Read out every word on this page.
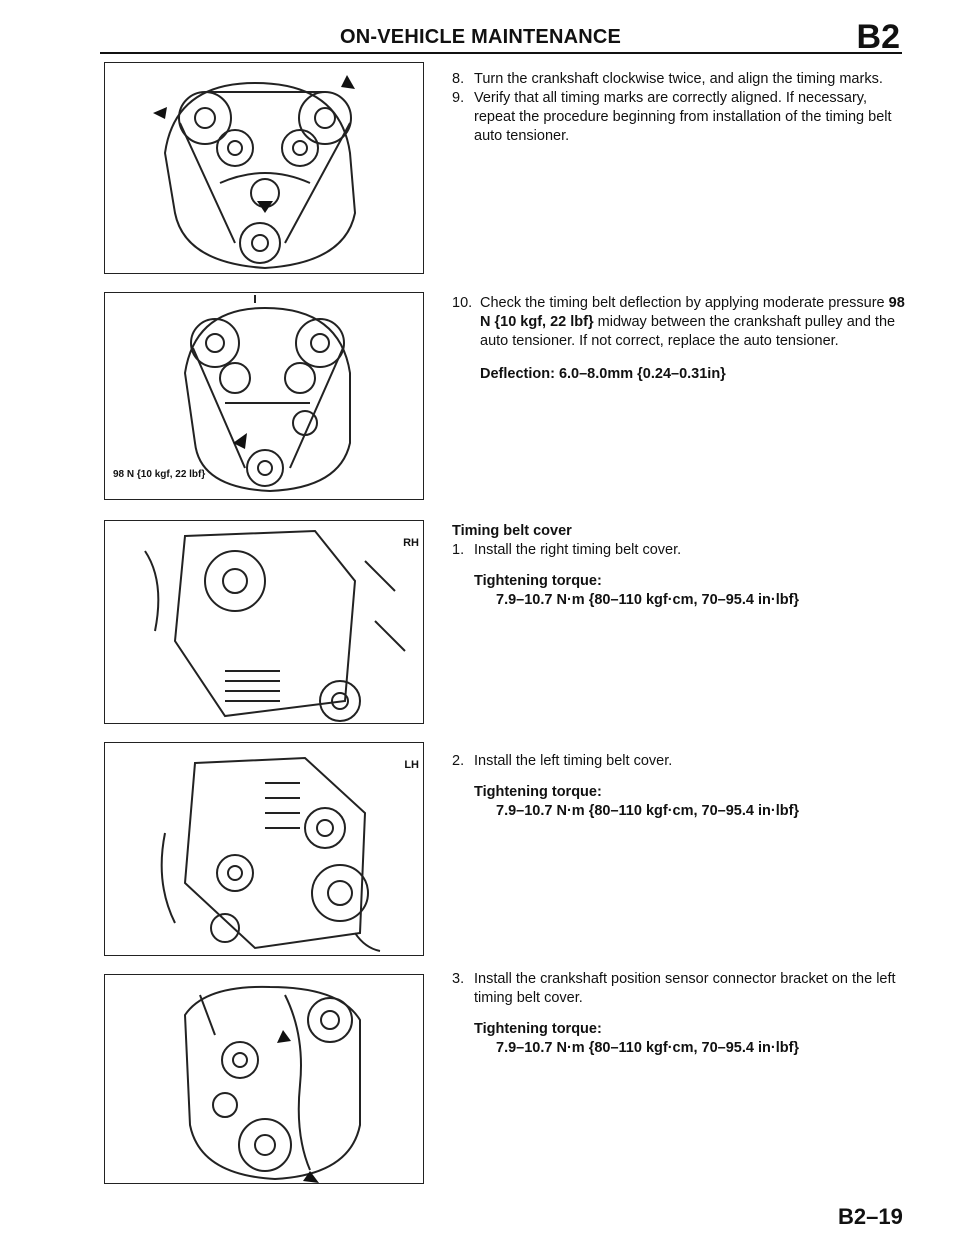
ON-VEHICLE MAINTENANCE	B2
98 N {10 kgf, 22 lbf}
RH
LH

8. Turn the crankshaft clockwise twice, and align the timing marks.

9. Verify that all timing marks are correctly aligned. If necessary, repeat the procedure beginning from installation of the timing belt auto tensioner.

10. Check the timing belt deflection by applying moderate pressure 98 N {10 kgf, 22 lbf} midway between the crankshaft pulley and the auto tensioner. If not correct, replace the auto tensioner.

Deflection: 6.0–8.0mm {0.24–0.31in}

Timing belt cover

1. Install the right timing belt cover.

Tightening torque:

7.9–10.7 N·m {80–110 kgf·cm, 70–95.4 in·lbf}

2. Install the left timing belt cover.

Tightening torque:

7.9–10.7 N·m {80–110 kgf·cm, 70–95.4 in·lbf}

3. Install the crankshaft position sensor connector bracket on the left timing belt cover.

Tightening torque:

7.9–10.7 N·m {80–110 kgf·cm, 70–95.4 in·lbf}

B2–19
